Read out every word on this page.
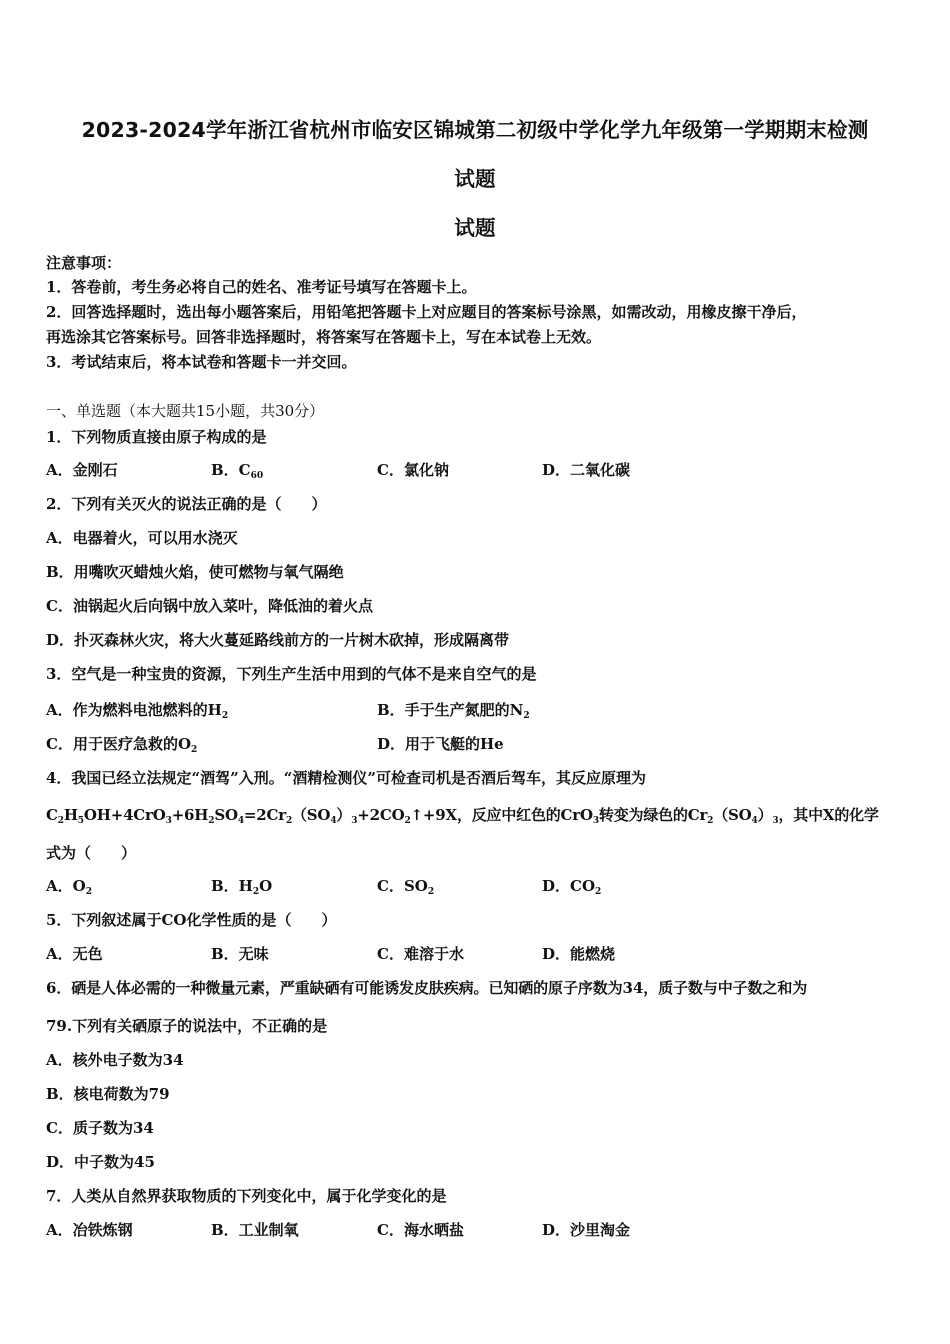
2023-2024学年浙江省杭州市临安区锦城第二初级中学化学九年级第一学期期末检测
试题
试题
注意事项：
1．答卷前，考生务必将自己的姓名、准考证号填写在答题卡上。
2．回答选择题时，选出每小题答案后，用铅笔把答题卡上对应题目的答案标号涂黑，如需改动，用橡皮擦干净后，
再选涂其它答案标号。回答非选择题时，将答案写在答题卡上，写在本试卷上无效。
3．考试结束后，将本试卷和答题卡一并交回。
一、单选题（本大题共15小题，共30分）
1．下列物质直接由原子构成的是
A．金刚石	B．$C_{60}$	C．氯化钠	D．二氧化碳
2．下列有关灭火的说法正确的是（　　）
A．电器着火，可以用水浇灭
B．用嘴吹灭蜡烛火焰，使可燃物与氧气隔绝
C．油锅起火后向锅中放入菜叶，降低油的着火点
D．扑灭森林火灾，将大火蔓延路线前方的一片树木砍掉，形成隔离带
3．空气是一种宝贵的资源，下列生产生活中用到的气体不是来自空气的是
A．作为燃料电池燃料的$H_2$	B．手于生产氮肥的$N_2$
C．用于医疗急救的$O_2$	D．用于飞艇的He
4．我国已经立法规定“酒驾”入刑。“酒精检测仪”可检查司机是否酒后驾车，其反应原理为
$C_2H_5OH+4CrO_3+6H_2SO_4=2Cr_2(SO_4)_3+2CO_2↑+9X$，反应中红色的CrO$_3$转变为绿色的$Cr_2(SO_4)_3$，其中X的化学
式为（　　）
A．$O_2$	B．$H_2O$	C．$SO_2$	D．$CO_2$
5．下列叙述属于CO化学性质的是（　　）
A．无色	B．无味	C．难溶于水	D．能燃烧
6．硒是人体必需的一种微量元素，严重缺硒有可能诱发皮肤疾病。已知硒的原子序数为34，质子数与中子数之和为
79.下列有关硒原子的说法中，不正确的是
A．核外电子数为34
B．核电荷数为79
C．质子数为34
D．中子数为45
7．人类从自然界获取物质的下列变化中，属于化学变化的是
A．冶铁炼钢	B．工业制氧	C．海水晒盐	D．沙里淘金
